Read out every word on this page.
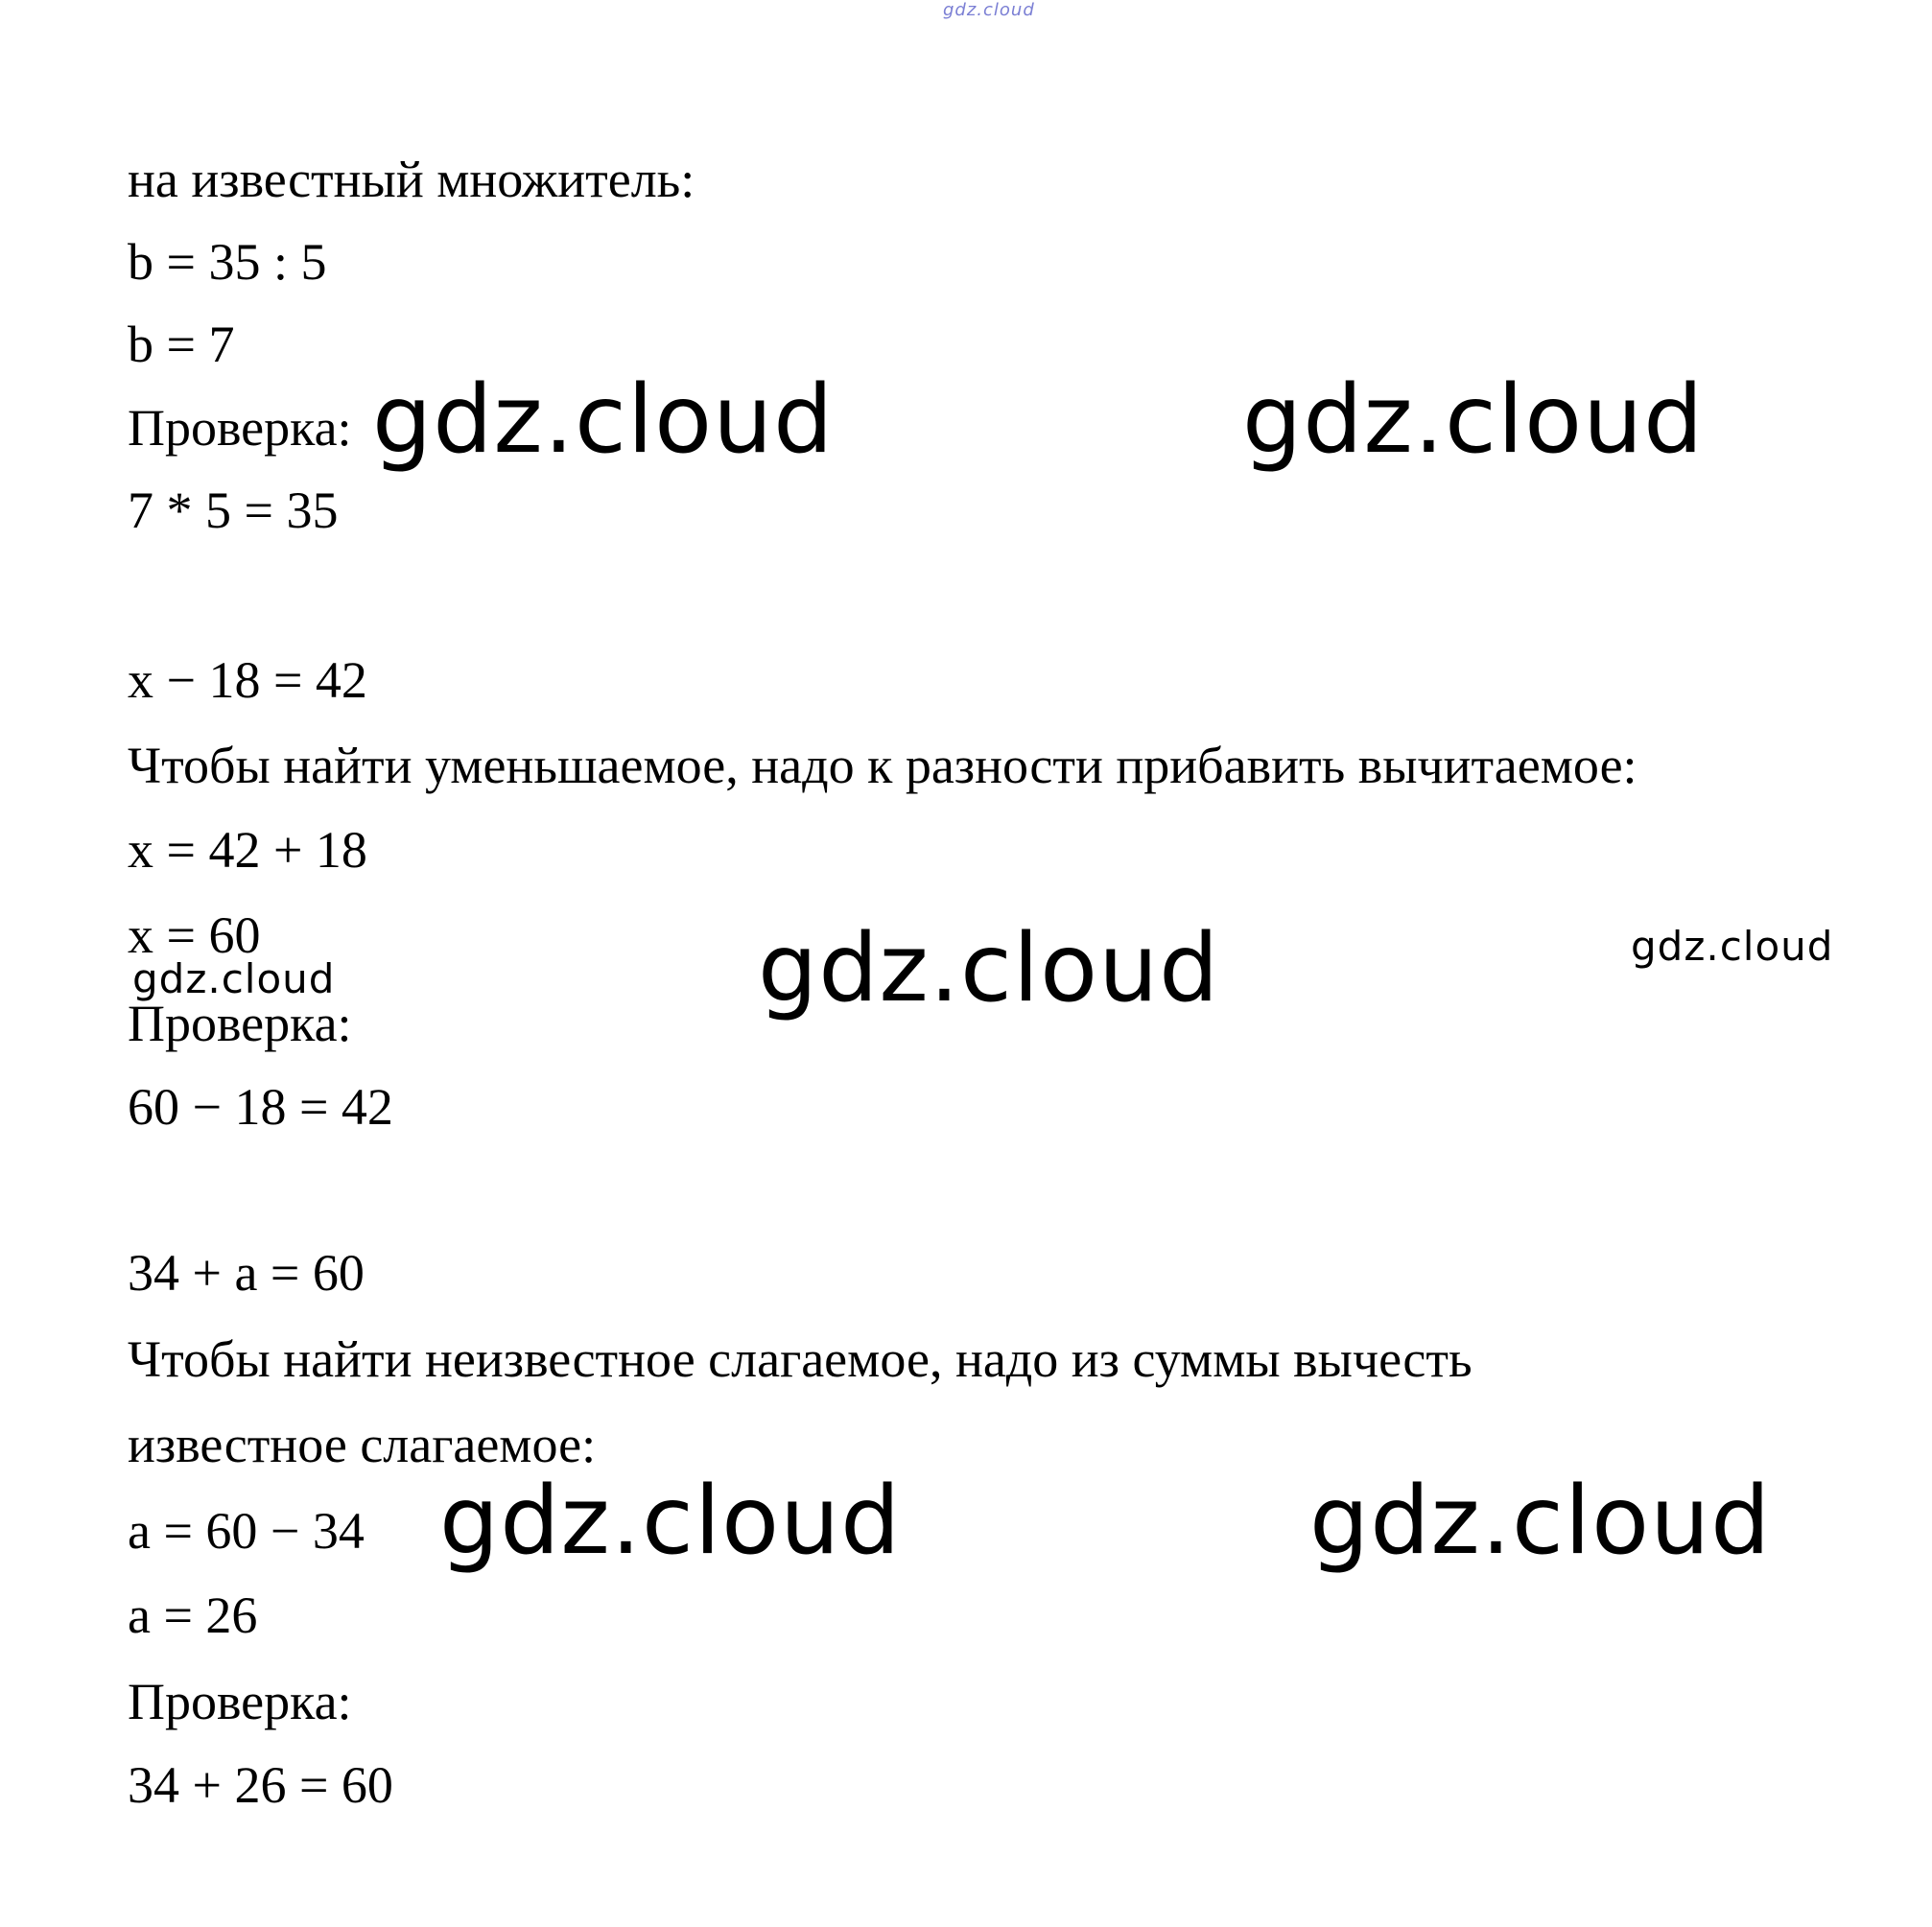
gdz.cloud
на известный множитель:
b = 35 : 5
b = 7
Проверка:
7 * 5 = 35
x − 18 = 42
Чтобы найти уменьшаемое, надо к разности прибавить вычитаемое:
x = 42 + 18
x = 60
Проверка:
60 − 18 = 42
34 + a = 60
Чтобы найти неизвестное слагаемое, надо из суммы вычесть
известное слагаемое:
a = 60 − 34
a = 26
Проверка:
34 + 26 = 60
gdz.cloud	gdz.cloud
gdz.cloud	gdz.cloud
gdz.cloud
gdz.cloud	gdz.cloud
